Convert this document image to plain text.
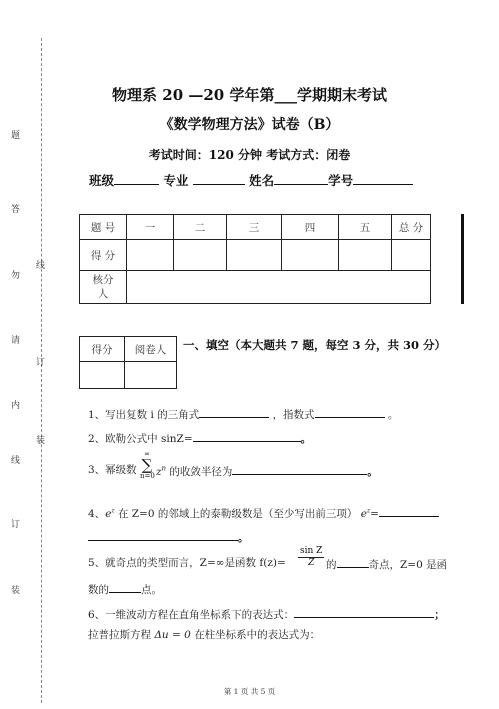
题
答
勿
线
请
订
内
装
线
订
装
物理系 20 —20 学年第___学期期末考试
《数学物理方法》试卷（B）
考试时间：120 分钟 考试方式：闭卷
班级	专业	姓名	学号
题 号	一	二	三	四	五	总 分
得 分						
核分
人						
得分	阅卷人
	一、填空（本大题共 7 题，每空 3 分，共 30 分）
1、写出复数 i 的三角式	，指数式	。
2、欧勒公式中 sinZ=	。
3、幂级数
∞
∑
n=0 $z^n$ 的收敛半径为	。
4、$e^z$ 在 Z=0 的邻域上的泰勒级数是（至少写出前三项） $e^z=$
。
5、就奇点的类型而言，Z=∞是函数 $f(z)= \frac{\text{sin Z}}{Z}$ 的	奇点，Z=0 是函
数的	点。
6、一维波动方程在直角坐标系下的表达式：	；
拉普拉斯方程 Δu = 0 在柱坐标系中的表达式为：
第 1 页 共 5 页
